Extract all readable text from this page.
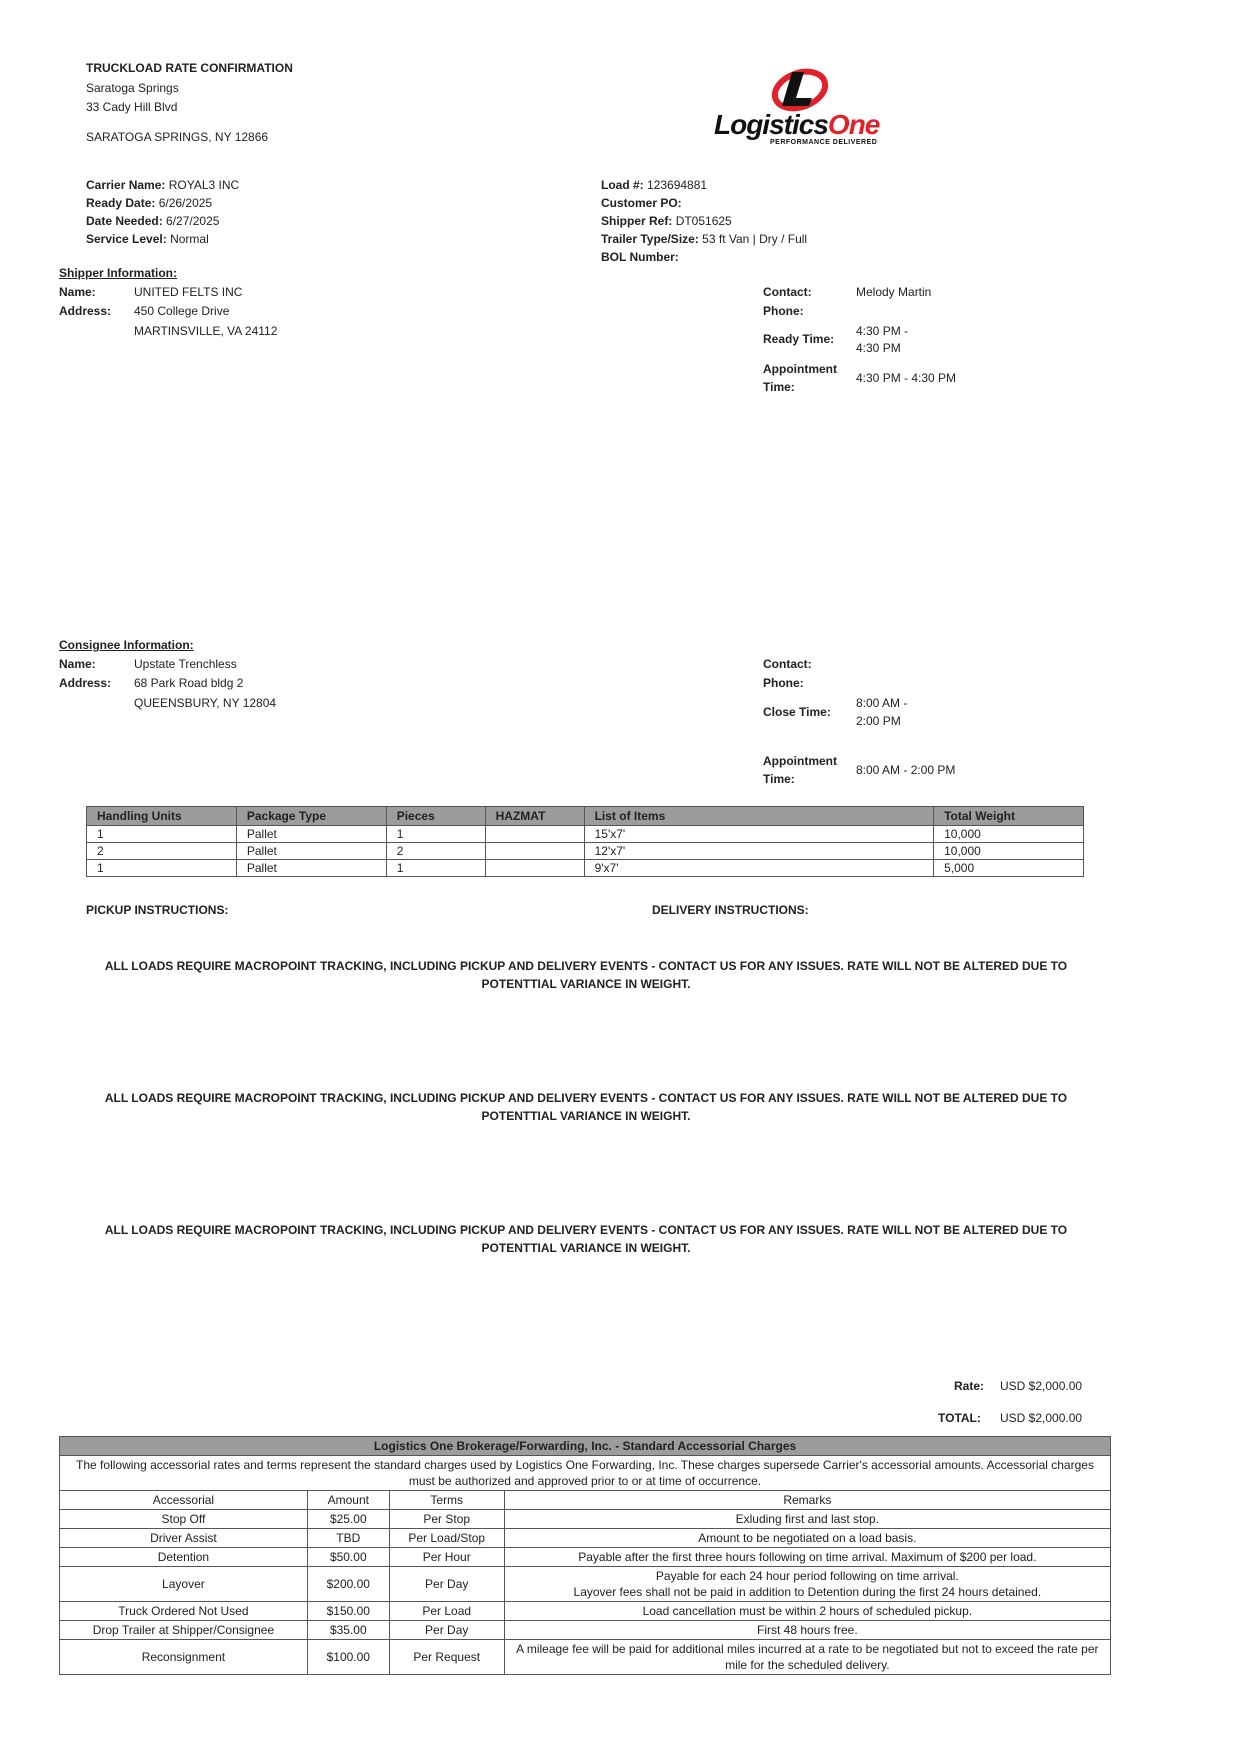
TRUCKLOAD RATE CONFIRMATION
Saratoga Springs
33 Cady Hill Blvd
SARATOGA SPRINGS, NY 12866	LogisticsOne
PERFORMANCE DELIVERED
Carrier Name: ROYAL3 INC
Ready Date: 6/26/2025
Date Needed: 6/27/2025
Service Level: Normal
Load #: 123694881
Customer PO:
Shipper Ref: DT051625
Trailer Type/Size: 53 ft Van | Dry / Full
BOL Number:
Shipper Information:
Name:	UNITED FELTS INC
Address: 450 College Drive
MARTINSVILLE, VA 24112
Contact:	Melody Martin
Phone:
Ready Time:
4:30 PM -
4:30 PM
Appointment
Time:
4:30 PM - 4:30 PM
Consignee Information:
Name:	Upstate Trenchless
Address: 68 Park Road bldg 2
QUEENSBURY, NY 12804
Contact:
Phone:
Close Time:
8:00 AM -
2:00 PM
Appointment
Time:
8:00 AM - 2:00 PM
Handling Units	Package Type	Pieces	HAZMAT	List of Items	Total Weight
1	Pallet	1		15'x7'	10,000
2	Pallet	2		12'x7'	10,000
1	Pallet	1		9'x7'	5,000
PICKUP INSTRUCTIONS:	DELIVERY INSTRUCTIONS:
ALL LOADS REQUIRE MACROPOINT TRACKING, INCLUDING PICKUP AND DELIVERY EVENTS - CONTACT US FOR ANY ISSUES. RATE WILL NOT BE ALTERED DUE TO
POTENTTIAL VARIANCE IN WEIGHT.
ALL LOADS REQUIRE MACROPOINT TRACKING, INCLUDING PICKUP AND DELIVERY EVENTS - CONTACT US FOR ANY ISSUES. RATE WILL NOT BE ALTERED DUE TO
POTENTTIAL VARIANCE IN WEIGHT.
ALL LOADS REQUIRE MACROPOINT TRACKING, INCLUDING PICKUP AND DELIVERY EVENTS - CONTACT US FOR ANY ISSUES. RATE WILL NOT BE ALTERED DUE TO
POTENTTIAL VARIANCE IN WEIGHT.
Rate: USD $2,000.00
TOTAL: USD $2,000.00
Logistics One Brokerage/Forwarding, Inc. - Standard Accessorial Charges			

The following accessorial rates and terms represent the standard charges used by Logistics One Forwarding, Inc. These charges supersede Carrier's accessorial amounts. Accessorial charges
must be authorized and approved prior to or at time of occurrence.			

Accessorial	Amount	Terms	Remarks
Stop Off	$25.00	Per Stop	Exluding first and last stop.

Driver Assist	TBD	Per Load/Stop	Amount to be negotiated on a load basis.

Detention	$50.00	Per Hour	Payable after the first three hours following on time arrival. Maximum of $200 per load.

Layover	$200.00	Per Day	Payable for each 24 hour period following on time arrival.
Layover fees shall not be paid in addition to Detention during the first 24 hours detained.

Truck Ordered Not Used	$150.00	Per Load	Load cancellation must be within 2 hours of scheduled pickup.

Drop Trailer at Shipper/Consignee	$35.00	Per Day	First 48 hours free.

Reconsignment	$100.00	Per Request	A mileage fee will be paid for additional miles incurred at a rate to be negotiated but not to exceed the rate per
mile for the scheduled delivery.
